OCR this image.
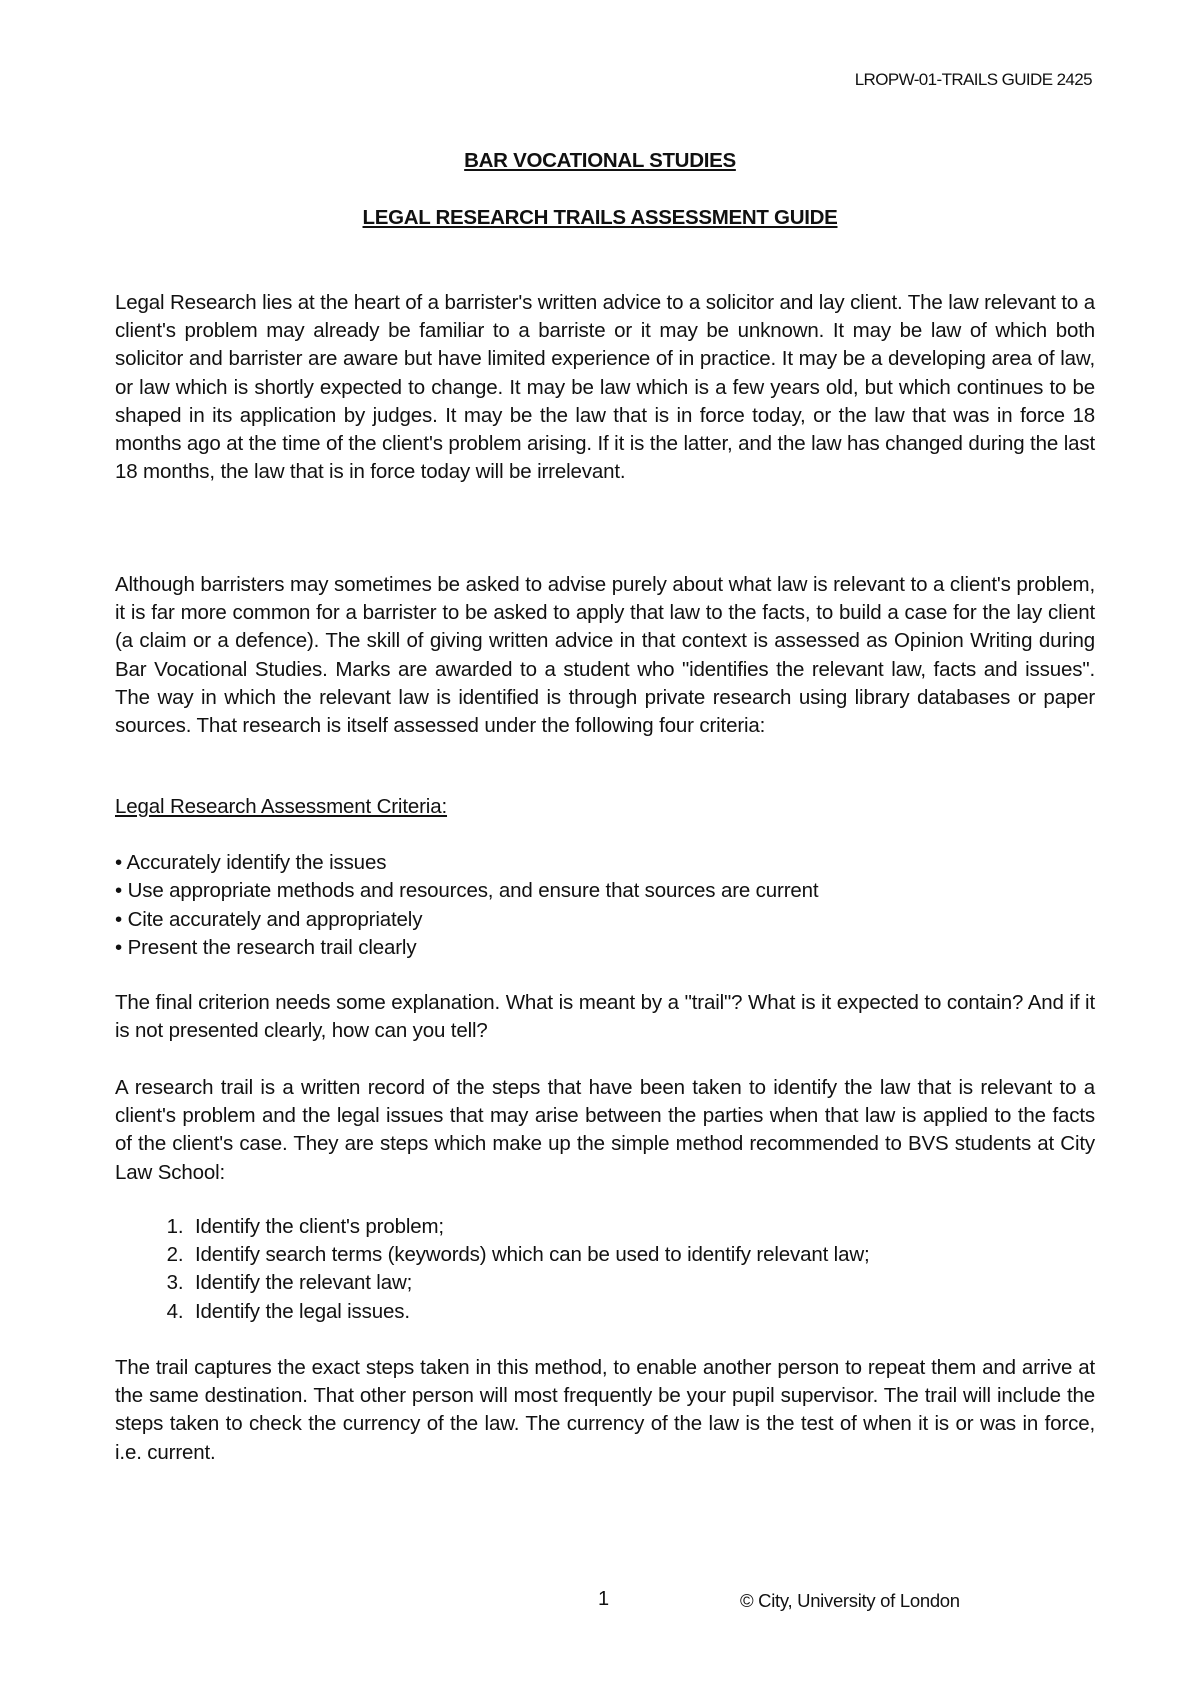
LROPW-01-TRAILS GUIDE 2425
BAR VOCATIONAL STUDIES
LEGAL RESEARCH TRAILS ASSESSMENT GUIDE

Legal Research lies at the heart of a barrister's written advice to a solicitor and lay client. The law relevant to a client's problem may already be familiar to a barriste or it may be unknown. It may be law of which both solicitor and barrister are aware but have limited experience of in practice. It may be a developing area of law, or law which is shortly expected to change. It may be law which is a few years old, but which continues to be shaped in its application by judges. It may be the law that is in force today, or the law that was in force 18 months ago at the time of the client's problem arising. If it is the latter, and the law has changed during the last 18 months, the law that is in force today will be irrelevant.

Although barristers may sometimes be asked to advise purely about what law is relevant to a client's problem, it is far more common for a barrister to be asked to apply that law to the facts, to build a case for the lay client (a claim or a defence). The skill of giving written advice in that context is assessed as Opinion Writing during Bar Vocational Studies. Marks are awarded to a student who "identifies the relevant law, facts and issues". The way in which the relevant law is identified is through private research using library databases or paper sources. That research is itself assessed under the following four criteria:

Legal Research Assessment Criteria:

• Accurately identify the issues

• Use appropriate methods and resources, and ensure that sources are current

• Cite accurately and appropriately

• Present the research trail clearly

The final criterion needs some explanation. What is meant by a "trail"? What is it expected to contain? And if it is not presented clearly, how can you tell?

A research trail is a written record of the steps that have been taken to identify the law that is relevant to a client's problem and the legal issues that may arise between the parties when that law is applied to the facts of the client's case. They are steps which make up the simple method recommended to BVS students at City Law School:

1. Identify the client's problem;
2. Identify search terms (keywords) which can be used to identify relevant law;
3. Identify the relevant law;
4. Identify the legal issues.

The trail captures the exact steps taken in this method, to enable another person to repeat them and arrive at the same destination. That other person will most frequently be your pupil supervisor. The trail will include the steps taken to check the currency of the law. The currency of the law is the test of when it is or was in force, i.e. current.

1	© City, University of London
